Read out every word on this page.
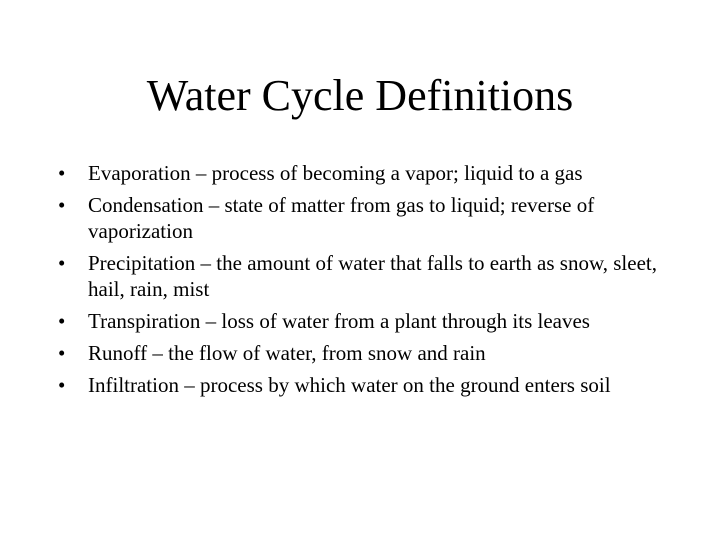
Water Cycle Definitions
•	Evaporation – process of becoming a vapor; liquid to a gas
•	Condensation – state of matter from gas to liquid; reverse of vaporization
•	Precipitation – the amount of water that falls to earth as snow, sleet, hail, rain, mist
•	Transpiration – loss of water from a plant through its leaves
•	Runoff – the flow of water, from snow and rain
•	Infiltration – process by which water on the ground enters soil
